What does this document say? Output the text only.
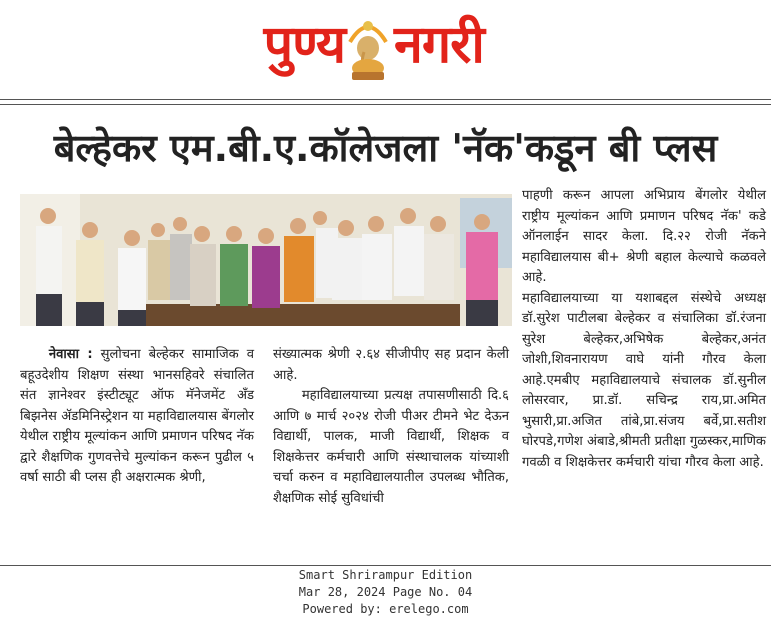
पुण्य नगरी
बेल्हेकर एम.बी.ए.कॉलेजला 'नॅक'कडून बी प्लस

नेवासा : सुलोचना बेल्हेकर सामाजिक व बहूउदेशीय शिक्षण संस्था भानसहिवरे संचालित संत ज्ञानेश्वर इंस्टीट्यूट ऑफ मॅनेजमेंट अँड बिझनेस ॲडमिनिस्ट्रेशन या महाविद्यालयास बेंगलोर येथील राष्ट्रीय मूल्यांकन आणि प्रमाणन परिषद नॅक द्वारे शैक्षणिक गुणवत्तेचे मुल्यांकन करून पुढील ५ वर्षा साठी बी प्लस ही अक्षरात्मक श्रेणी,

संख्यात्मक श्रेणी २.६४ सीजीपीए सह प्रदान केली आहे.

महाविद्यालयाच्या प्रत्यक्ष तपासणीसाठी दि.६ आणि ७ मार्च २०२४ रोजी पीअर टीमने भेट देऊन विद्यार्थी, पालक, माजी विद्यार्थी, शिक्षक व शिक्षकेत्तर कर्मचारी आणि संस्थाचालक यांच्याशी चर्चा करुन व महाविद्यालयातील उपलब्ध भौतिक, शैक्षणिक सोई सुविधांची

पाहणी करून आपला अभिप्राय बेंगलोर येथील राष्ट्रीय मूल्यांकन आणि प्रमाणन परिषद नॅक' कडे ऑनलाईन सादर केला. दि.२२ रोजी नॅकने महाविद्यालयास बी+ श्रेणी बहाल केल्याचे कळवले आहे.

महाविद्यालयाच्या या यशाबद्दल संस्थेचे अध्यक्ष डॉ.सुरेश पाटीलबा बेल्हेकर व संचालिका डॉ.रंजना सुरेश बेल्हेकर,अभिषेक बेल्हेकर,अनंत जोशी,शिवनारायण वाघे यांनी गौरव केला आहे.एमबीए महाविद्यालयाचे संचालक डॉ.सुनील लोसरवार, प्रा.डॉ. सचिन्द्र राय,प्रा.अमित भुसारी,प्रा.अजित तांबे,प्रा.संजय बर्वे,प्रा.सतीश घोरपडे,गणेश अंबाडे,श्रीमती प्रतीक्षा गुळस्कर,माणिक गवळी व शिक्षकेत्तर कर्मचारी यांचा गौरव केला आहे.

Smart Shrirampur Edition
Mar 28, 2024 Page No. 04
Powered by: erelego.com
